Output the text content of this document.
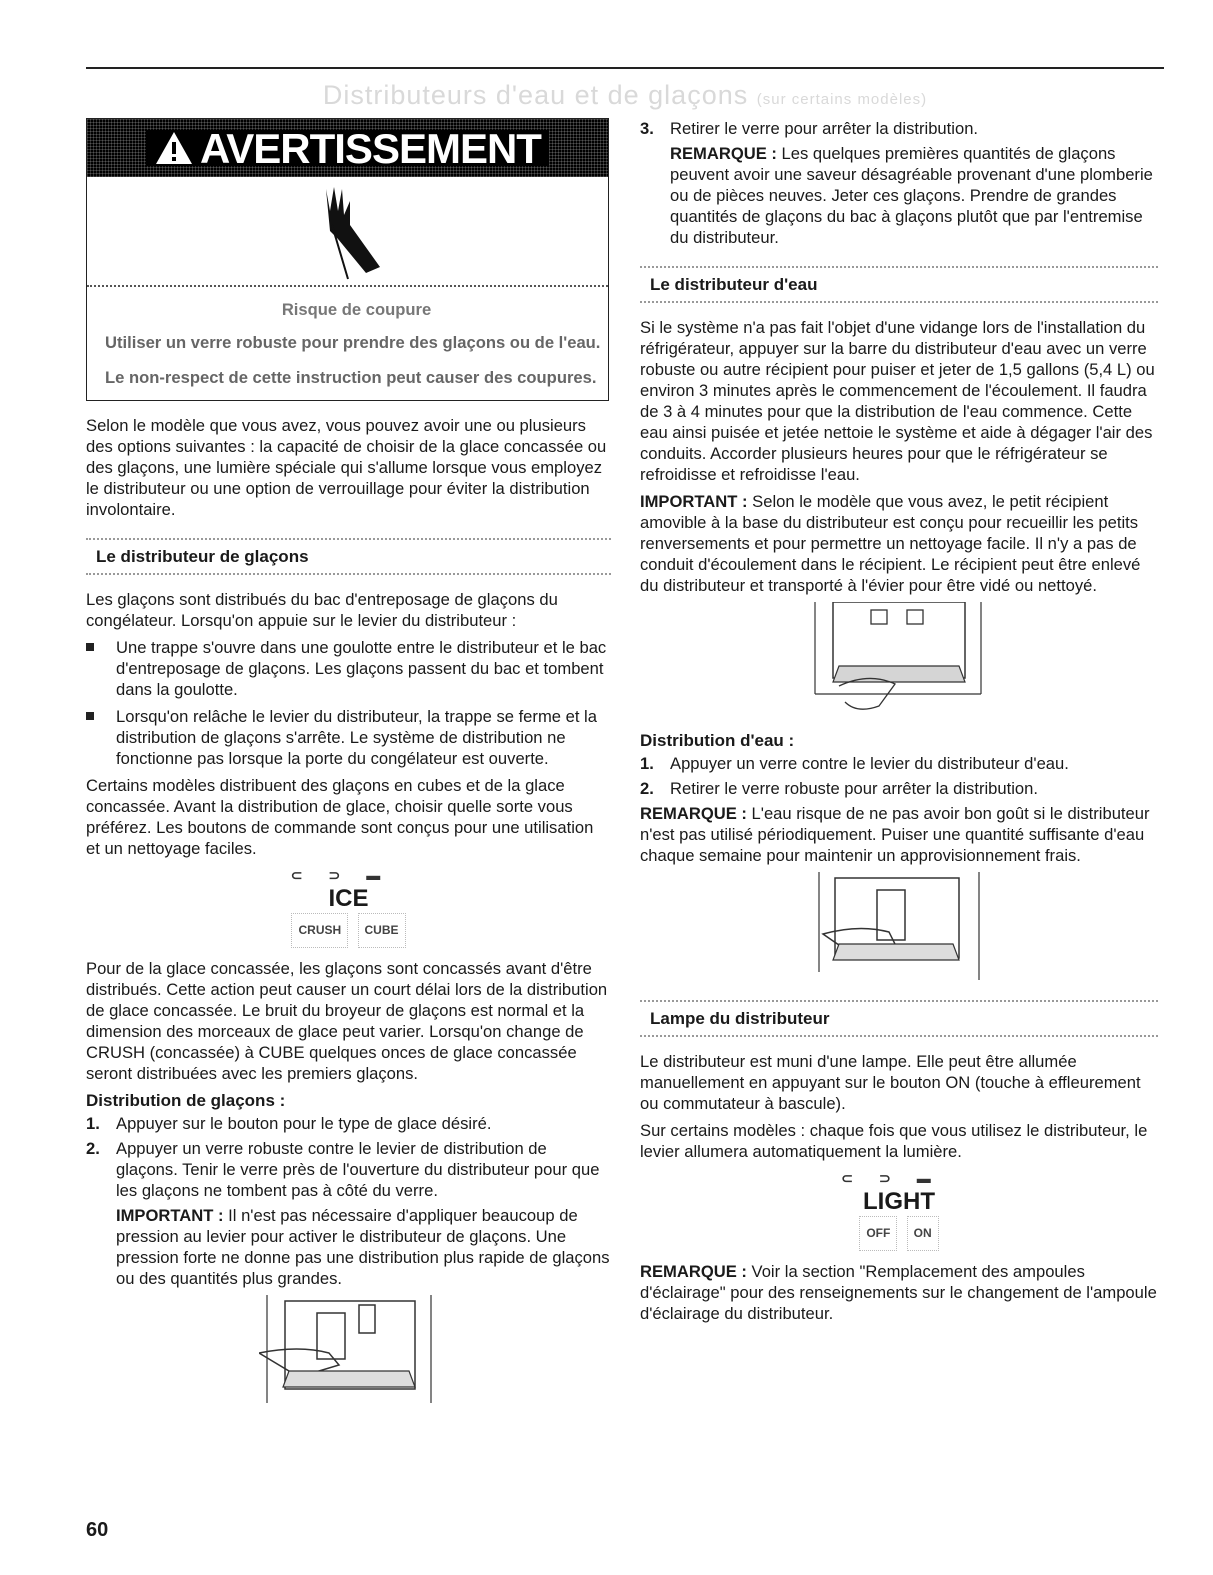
Distributeurs d'eau et de glaçons (sur certains modèles)
AVERTISSEMENT

Risque de coupure

Utiliser un verre robuste pour prendre des glaçons ou de l'eau.

Le non-respect de cette instruction peut causer des coupures.

Selon le modèle que vous avez, vous pouvez avoir une ou plusieurs des options suivantes : la capacité de choisir de la glace concassée ou des glaçons, une lumière spéciale qui s'allume lorsque vous employez le distributeur ou une option de verrouillage pour éviter la distribution involontaire.

Le distributeur de glaçons

Les glaçons sont distribués du bac d'entreposage de glaçons du congélateur. Lorsqu'on appuie sur le levier du distributeur :

Une trappe s'ouvre dans une goulotte entre le distributeur et le bac d'entreposage de glaçons. Les glaçons passent du bac et tombent dans la goulotte.
Lorsqu'on relâche le levier du distributeur, la trappe se ferme et la distribution de glaçons s'arrête. Le système de distribution ne fonctionne pas lorsque la porte du congélateur est ouverte.

Certains modèles distribuent des glaçons en cubes et de la glace concassée. Avant la distribution de glace, choisir quelle sorte vous préférez. Les boutons de commande sont conçus pour une utilisation et un nettoyage faciles.

⊂⊃▬
ICE
CRUSH CUBE

Pour de la glace concassée, les glaçons sont concassés avant d'être distribués. Cette action peut causer un court délai lors de la distribution de glace concassée. Le bruit du broyeur de glaçons est normal et la dimension des morceaux de glace peut varier. Lorsqu'on change de CRUSH (concassée) à CUBE quelques onces de glace concassée seront distribuées avec les premiers glaçons.

Distribution de glaçons :
1. Appuyer sur le bouton pour le type de glace désiré.
2. Appuyer un verre robuste contre le levier de distribution de glaçons. Tenir le verre près de l'ouverture du distributeur pour que les glaçons ne tombent pas à côté du verre.

IMPORTANT : Il n'est pas nécessaire d'appliquer beaucoup de pression au levier pour activer le distributeur de glaçons. Une pression forte ne donne pas une distribution plus rapide de glaçons ou des quantités plus grandes.

3. Retirer le verre pour arrêter la distribution.

REMARQUE : Les quelques premières quantités de glaçons peuvent avoir une saveur désagréable provenant d'une plomberie ou de pièces neuves. Jeter ces glaçons. Prendre de grandes quantités de glaçons du bac à glaçons plutôt que par l'entremise du distributeur.

Le distributeur d'eau

Si le système n'a pas fait l'objet d'une vidange lors de l'installation du réfrigérateur, appuyer sur la barre du distributeur d'eau avec un verre robuste ou autre récipient pour puiser et jeter de 1,5 gallons (5,4 L) ou environ 3 minutes après le commencement de l'écoulement. Il faudra de 3 à 4 minutes pour que la distribution de l'eau commence. Cette eau ainsi puisée et jetée nettoie le système et aide à dégager l'air des conduits. Accorder plusieurs heures pour que le réfrigérateur se refroidisse et refroidisse l'eau.

IMPORTANT : Selon le modèle que vous avez, le petit récipient amovible à la base du distributeur est conçu pour recueillir les petits renversements et pour permettre un nettoyage facile. Il n'y a pas de conduit d'écoulement dans le récipient. Le récipient peut être enlevé du distributeur et transporté à l'évier pour être vidé ou nettoyé.

Distribution d'eau :
1. Appuyer un verre contre le levier du distributeur d'eau.
2. Retirer le verre robuste pour arrêter la distribution.

REMARQUE : L'eau risque de ne pas avoir bon goût si le distributeur n'est pas utilisé périodiquement. Puiser une quantité suffisante d'eau chaque semaine pour maintenir un approvisionnement frais.

Lampe du distributeur

Le distributeur est muni d'une lampe. Elle peut être allumée manuellement en appuyant sur le bouton ON (touche à effleurement ou commutateur à bascule).

Sur certains modèles : chaque fois que vous utilisez le distributeur, le levier allumera automatiquement la lumière.

⊂⊃▬
LIGHT
OFF ON

REMARQUE : Voir la section "Remplacement des ampoules d'éclairage" pour des renseignements sur le changement de l'ampoule d'éclairage du distributeur.

60
